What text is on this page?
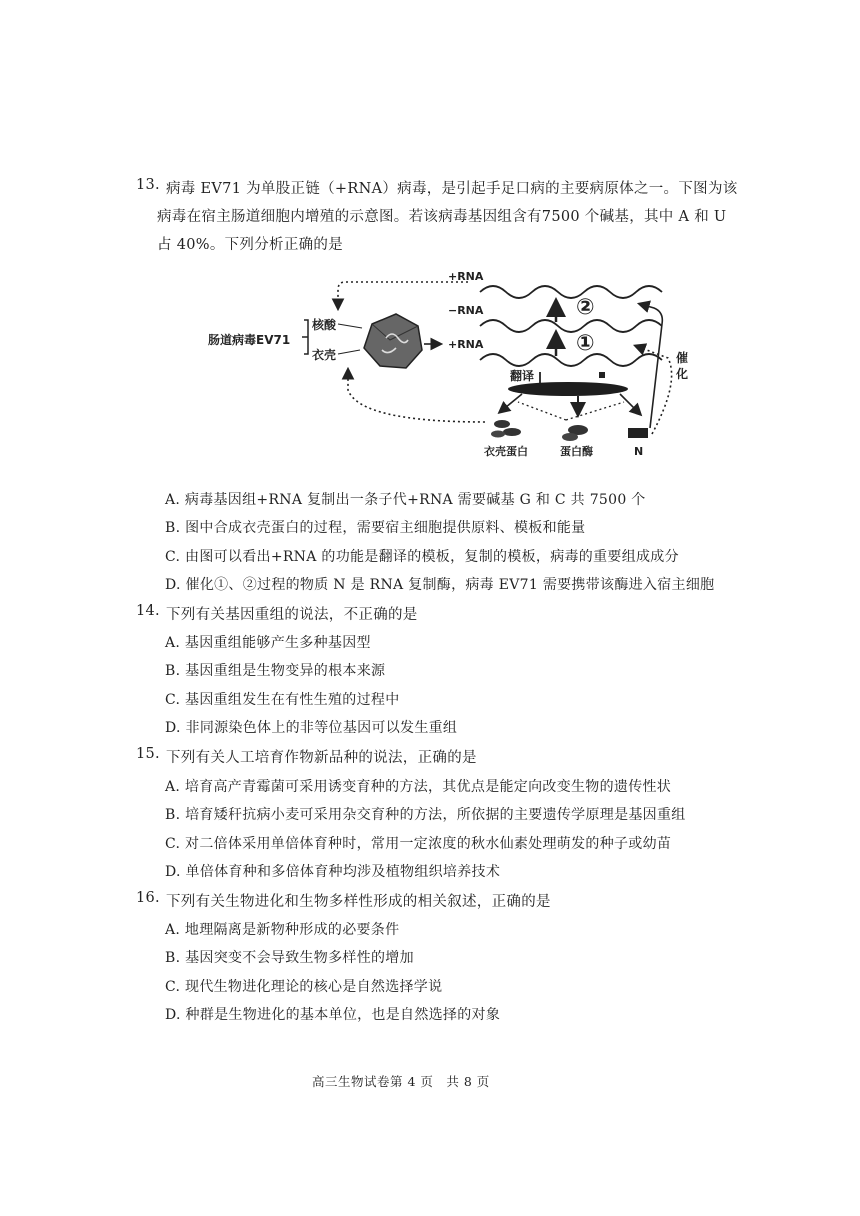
13. 病毒 EV71 为单股正链（+RNA）病毒，是引起手足口病的主要病原体之一。下图为该
病毒在宿主肠道细胞内增殖的示意图。若该病毒基因组含有7500 个碱基，其中 A 和 U
占 40%。下列分析正确的是
肠道病毒EV71
核酸
衣壳
+RNA
−RNA
+RNA
②
①
翻译
衣壳蛋白	蛋白酶	N
催
化
A. 病毒基因组+RNA 复制出一条子代+RNA 需要碱基 G 和 C 共 7500 个
B. 图中合成衣壳蛋白的过程，需要宿主细胞提供原料、模板和能量
C. 由图可以看出+RNA 的功能是翻译的模板，复制的模板，病毒的重要组成成分
D. 催化①、②过程的物质 N 是 RNA 复制酶，病毒 EV71 需要携带该酶进入宿主细胞
14. 下列有关基因重组的说法，不正确的是
A. 基因重组能够产生多种基因型
B. 基因重组是生物变异的根本来源
C. 基因重组发生在有性生殖的过程中
D. 非同源染色体上的非等位基因可以发生重组
15. 下列有关人工培育作物新品种的说法，正确的是
A. 培育高产青霉菌可采用诱变育种的方法，其优点是能定向改变生物的遗传性状
B. 培育矮秆抗病小麦可采用杂交育种的方法，所依据的主要遗传学原理是基因重组
C. 对二倍体采用单倍体育种时，常用一定浓度的秋水仙素处理萌发的种子或幼苗
D. 单倍体育种和多倍体育种均涉及植物组织培养技术
16. 下列有关生物进化和生物多样性形成的相关叙述，正确的是
A. 地理隔离是新物种形成的必要条件
B. 基因突变不会导致生物多样性的增加
C. 现代生物进化理论的核心是自然选择学说
D. 种群是生物进化的基本单位，也是自然选择的对象
高三生物试卷第 4 页　共 8 页
